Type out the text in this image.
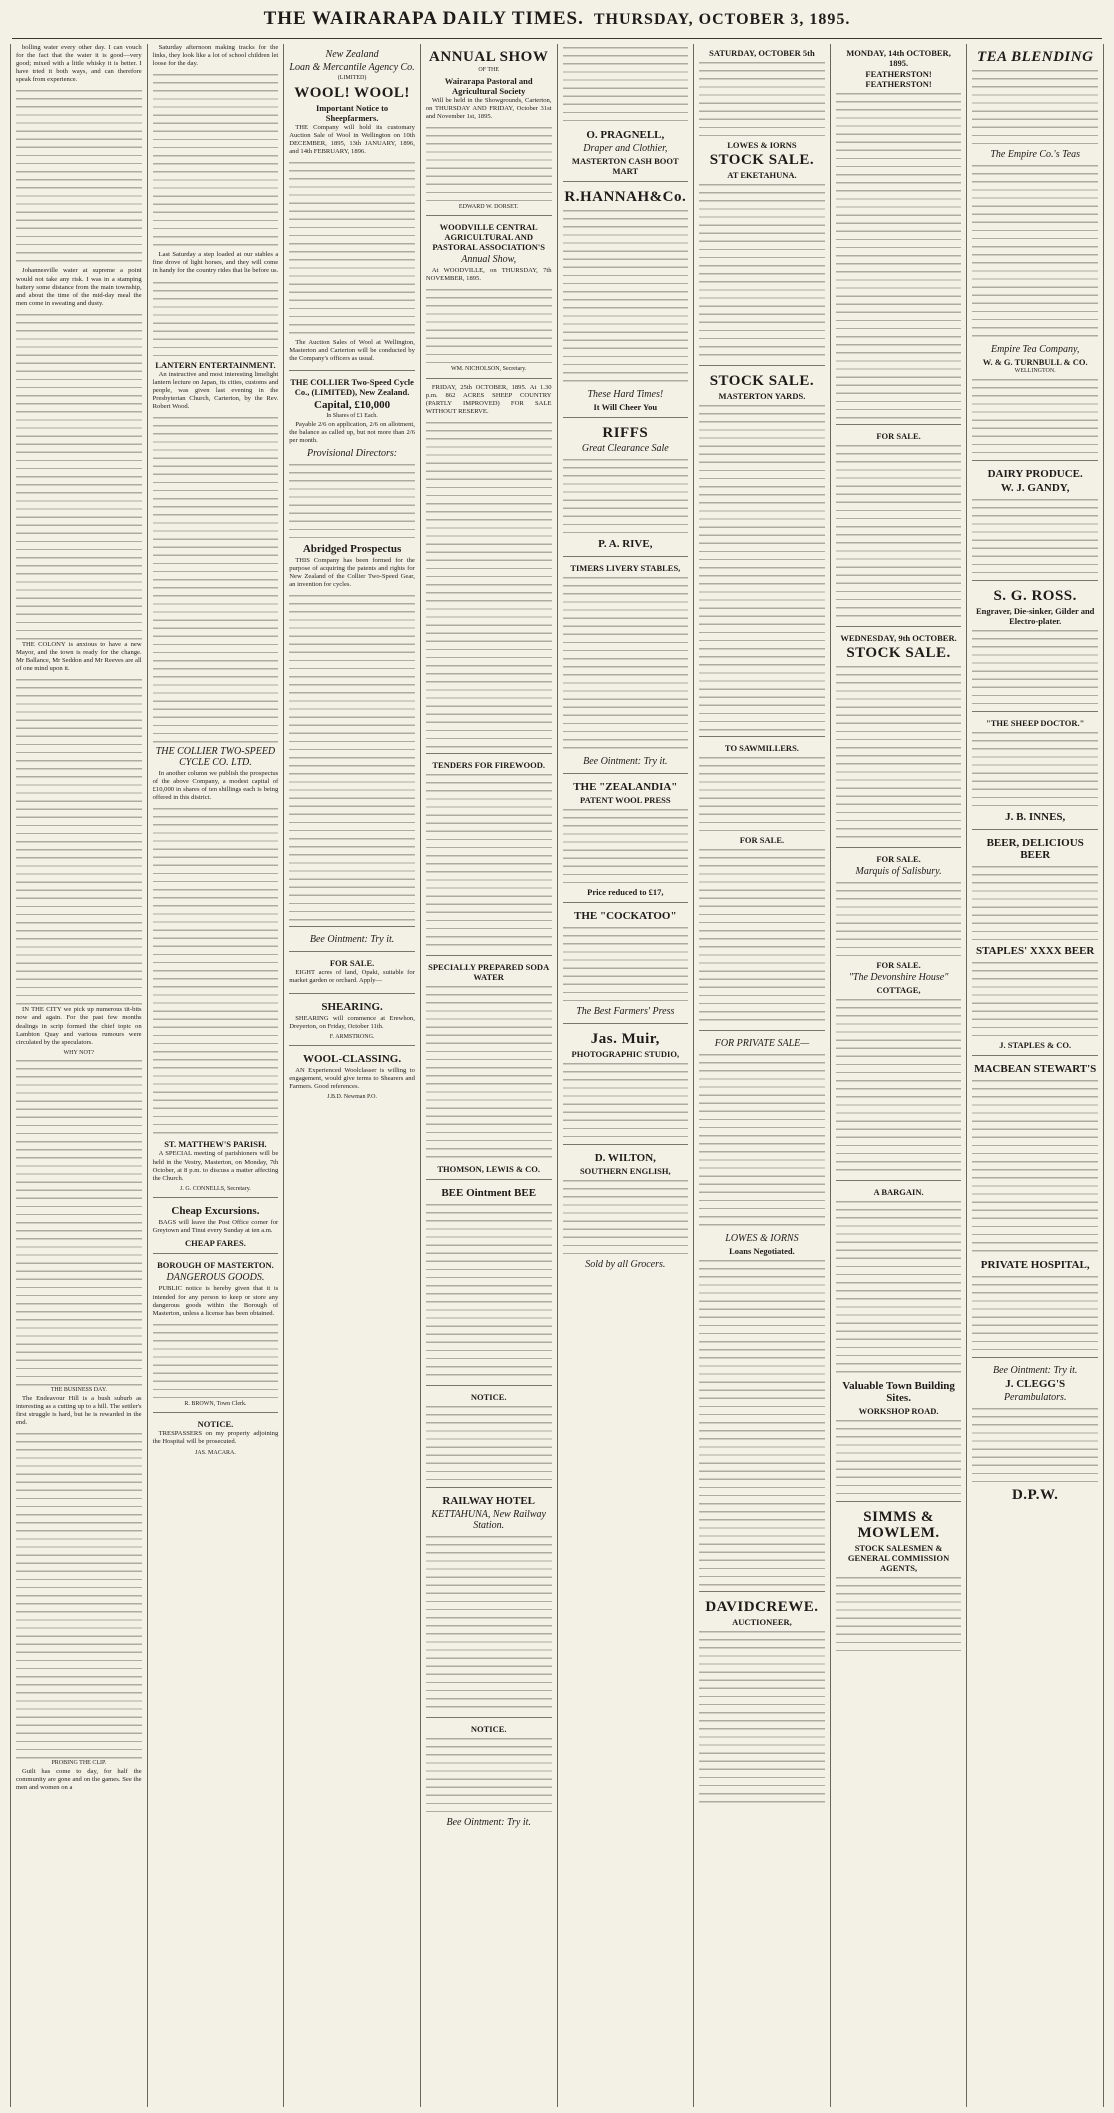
THE WAIRARAPA DAILY TIMES. THURSDAY, OCTOBER 3, 1895.

bolling water every other day. I can vouch for the fact that the water it is good—very good; mixed with a little whisky it is better. I have tried it both ways, and can therefore speak from experience.

Johannesville water at supreme a point would not take any risk. I was in a stamping battery some distance from the main township, and about the time of the mid-day meal the men come in sweating and dusty.

THE COLONY is anxious to have a new Mayor, and the town is ready for the change. Mr Ballance, Mr Seddon and Mr Reeves are all of one mind upon it.

IN THE CITY we pick up numerous tit-bits now and again. For the past few months dealings in scrip formed the chief topic on Lambton Quay and various rumours were circulated by the speculators.

WHY NOT?
THE BUSINESS DAY.

The Endeavour Hill is a bush suburb as interesting as a cutting up to a hill. The settler's first struggle is hard, but he is rewarded in the end.

PROBING THE CLIP.

Guilt has come to day, for half the community are gone and on the games. See the men and women on a

Saturday afternoon making tracks for the links, they look like a lot of school children let loose for the day.

Last Saturday a step loaded at our stables a fine drove of light horses, and they will come in handy for the country rides that lie before us.

LANTERN ENTERTAINMENT.

An instructive and most interesting limelight lantern lecture on Japan, its cities, customs and people, was given last evening in the Presbyterian Church, Carterton, by the Rev. Robert Wood.

THE COLLIER TWO-SPEED CYCLE CO. LTD.

In another column we publish the prospectus of the above Company, a modest capital of £10,000 in shares of ten shillings each is being offered in this district.

ST. MATTHEW'S PARISH.

A SPECIAL meeting of parishioners will be held in the Vestry, Masterton, on Monday, 7th October, at 8 p.m. to discuss a matter affecting the Church.

J. G. CONNELLS, Secretary.
Cheap Excursions.

BAGS will leave the Post Office corner for Greytown and Tinui every Sunday at ten a.m.

CHEAP FARES.
BOROUGH OF MASTERTON.
DANGEROUS GOODS.

PUBLIC notice is hereby given that it is intended for any person to keep or store any dangerous goods within the Borough of Masterton, unless a license has been obtained.

R. BROWN, Town Clerk.
NOTICE.

TRESPASSERS on my property adjoining the Hospital will be prosecuted.

JAS. MACARA.
New Zealand
Loan & Mercantile Agency Co.
(LIMITED)
WOOL! WOOL!
Important Notice to Sheepfarmers.

THE Company will hold its customary Auction Sale of Wool in Wellington on 10th DECEMBER, 1895, 13th JANUARY, 1896, and 14th FEBRUARY, 1896.

The Auction Sales of Wool at Wellington, Masterton and Carterton will be conducted by the Company's officers as usual.

THE COLLIER Two-Speed Cycle Co., (LIMITED), New Zealand.
Capital, £10,000
In Shares of £1 Each.

Payable 2/6 on application, 2/6 on allotment, the balance as called up, but not more than 2/6 per month.

Provisional Directors:
Abridged Prospectus

THIS Company has been formed for the purpose of acquiring the patents and rights for New Zealand of the Collier Two-Speed Gear, an invention for cycles.

Bee Ointment: Try it.
FOR SALE.

EIGHT acres of land, Opaki, suitable for market garden or orchard. Apply—

SHEARING.

SHEARING will commence at Erewhon, Dreyerton, on Friday, October 11th.

F. ARMSTRONG.
WOOL-CLASSING.

AN Experienced Woolclasser is willing to engagement, would give terms to Shearers and Farmers. Good references.

J.B.D. Newman P.O.
ANNUAL SHOW
OF THE
Wairarapa Pastoral and Agricultural Society

Will be held in the Showgrounds, Carterton, on THURSDAY AND FRIDAY, October 31st and November 1st, 1895.

EDWARD W. DORSET.
WOODVILLE CENTRAL AGRICULTURAL AND PASTORAL ASSOCIATION'S
Annual Show,

At WOODVILLE, on THURSDAY, 7th NOVEMBER, 1895.

WM. NICHOLSON, Secretary.

FRIDAY, 25th OCTOBER, 1895. At 1.30 p.m. 862 ACRES SHEEP COUNTRY (PARTLY IMPROVED) FOR SALE WITHOUT RESERVE.

TENDERS FOR FIREWOOD.
SPECIALLY PREPARED SODA WATER
THOMSON, LEWIS & CO.
BEE Ointment BEE
NOTICE.
RAILWAY HOTEL
KETTAHUNA, New Railway Station.
NOTICE.
Bee Ointment: Try it.
O. PRAGNELL,
Draper and Clothier,
MASTERTON CASH BOOT MART
R.HANNAH&Co.
These Hard Times!
It Will Cheer You
RIFFS
Great Clearance Sale
P. A. RIVE,
TIMERS LIVERY STABLES,
Bee Ointment: Try it.
THE "ZEALANDIA"
PATENT WOOL PRESS
Price reduced to £17,
THE "COCKATOO"
The Best Farmers' Press
Jas. Muir,
PHOTOGRAPHIC STUDIO,
D. WILTON,
SOUTHERN ENGLISH,
Sold by all Grocers.
SATURDAY, OCTOBER 5th
LOWES & IORNS
STOCK SALE.
AT EKETAHUNA.
STOCK SALE.
MASTERTON YARDS.
TO SAWMILLERS.
FOR SALE.
FOR PRIVATE SALE—
LOWES & IORNS
Loans Negotiated.
DAVIDCREWE.
AUCTIONEER,
MONDAY, 14th OCTOBER, 1895.
FEATHERSTON! FEATHERSTON!
FOR SALE.
WEDNESDAY, 9th OCTOBER.
STOCK SALE.
FOR SALE.
Marquis of Salisbury.
FOR SALE.
"The Devonshire House"
COTTAGE,
A BARGAIN.
Valuable Town Building Sites.
WORKSHOP ROAD.
SIMMS & MOWLEM.
STOCK SALESMEN & GENERAL COMMISSION AGENTS,
TEA BLENDING
The Empire Co.'s Teas
Empire Tea Company,
W. & G. TURNBULL & CO.
WELLINGTON.
DAIRY PRODUCE.
W. J. GANDY,
S. G. ROSS.
Engraver, Die-sinker, Gilder and Electro-plater.
"THE SHEEP DOCTOR."
J. B. INNES,
BEER, DELICIOUS BEER
STAPLES' XXXX BEER
J. STAPLES & CO.
MACBEAN STEWART'S
PRIVATE HOSPITAL,
Bee Ointment: Try it.
J. CLEGG'S
Perambulators.
D.P.W.
